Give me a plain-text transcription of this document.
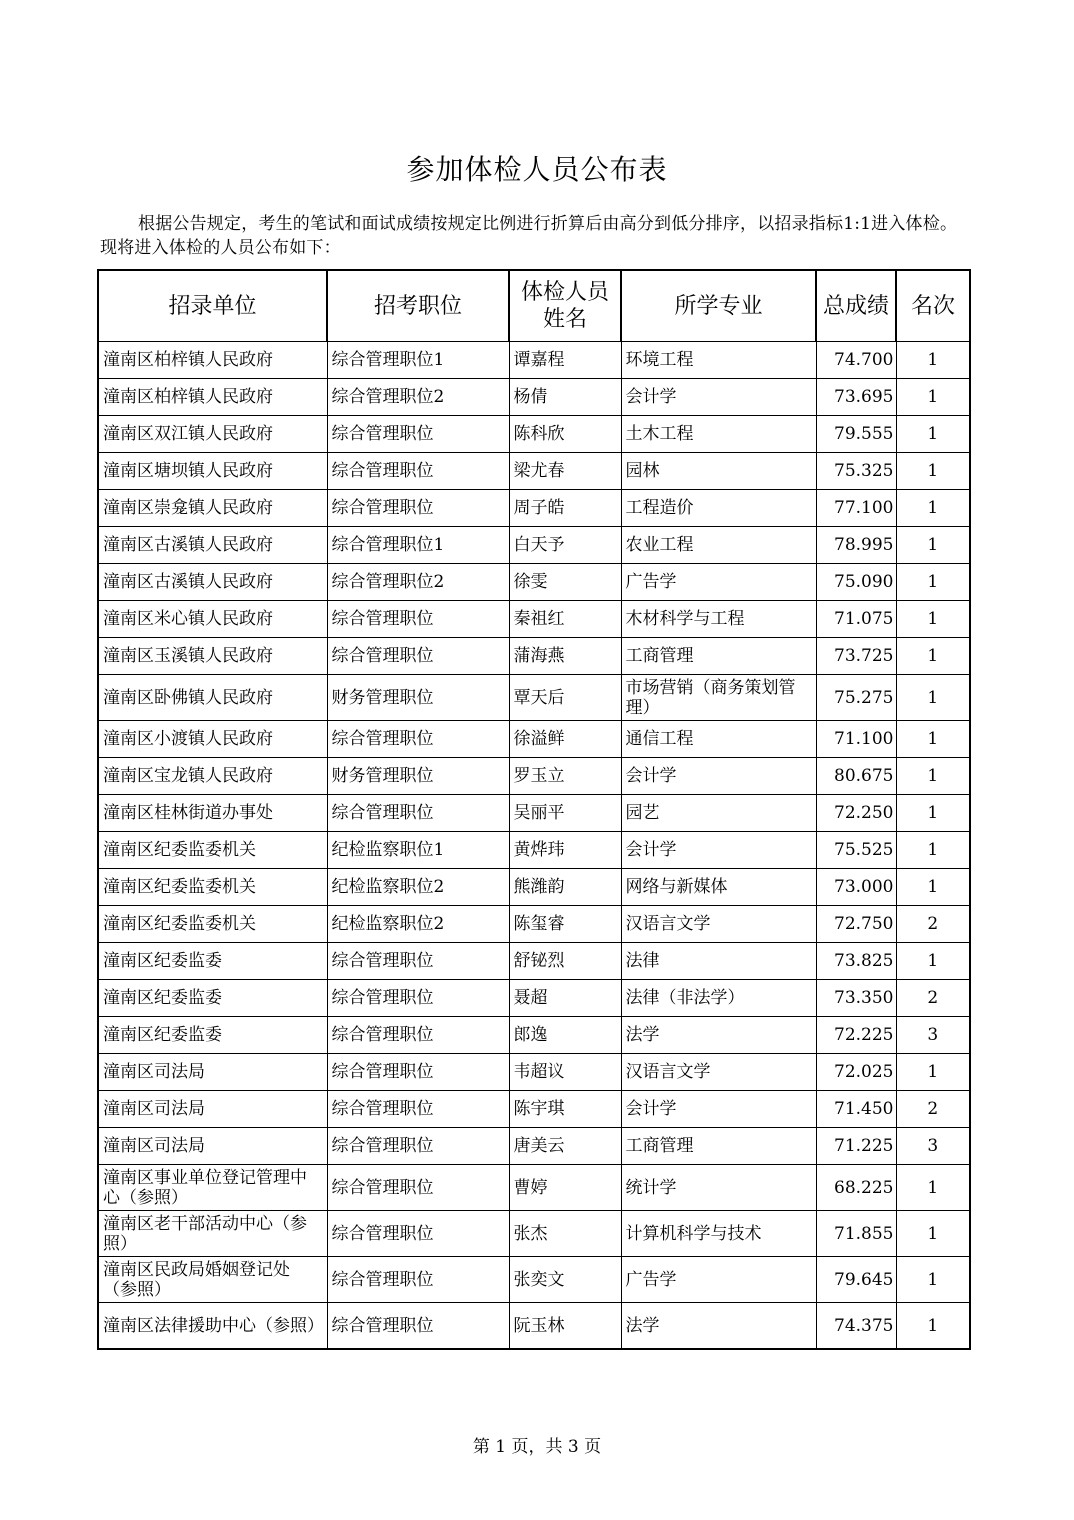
参加体检人员公布表
根据公告规定，考生的笔试和面试成绩按规定比例进行折算后由高分到低分排序，以招录指标1:1进入体检。现将进入体检的人员公布如下：
招录单位	招考职位	体检人员姓名	所学专业	总成绩	名次
潼南区柏梓镇人民政府	综合管理职位1	谭嘉程	环境工程	74.700	1
潼南区柏梓镇人民政府	综合管理职位2	杨倩	会计学	73.695	1
潼南区双江镇人民政府	综合管理职位	陈科欣	土木工程	79.555	1
潼南区塘坝镇人民政府	综合管理职位	梁尤春	园林	75.325	1
潼南区崇龛镇人民政府	综合管理职位	周子皓	工程造价	77.100	1
潼南区古溪镇人民政府	综合管理职位1	白天予	农业工程	78.995	1
潼南区古溪镇人民政府	综合管理职位2	徐雯	广告学	75.090	1
潼南区米心镇人民政府	综合管理职位	秦祖红	木材科学与工程	71.075	1
潼南区玉溪镇人民政府	综合管理职位	蒲海燕	工商管理	73.725	1
潼南区卧佛镇人民政府	财务管理职位	覃天后	市场营销（商务策划管理）	75.275	1
潼南区小渡镇人民政府	综合管理职位	徐溢鲜	通信工程	71.100	1
潼南区宝龙镇人民政府	财务管理职位	罗玉立	会计学	80.675	1
潼南区桂林街道办事处	综合管理职位	吴丽平	园艺	72.250	1
潼南区纪委监委机关	纪检监察职位1	黄烨玮	会计学	75.525	1
潼南区纪委监委机关	纪检监察职位2	熊潍韵	网络与新媒体	73.000	1
潼南区纪委监委机关	纪检监察职位2	陈玺睿	汉语言文学	72.750	2
潼南区纪委监委	综合管理职位	舒铋烈	法律	73.825	1
潼南区纪委监委	综合管理职位	聂超	法律（非法学）	73.350	2
潼南区纪委监委	综合管理职位	郎逸	法学	72.225	3
潼南区司法局	综合管理职位	韦超议	汉语言文学	72.025	1
潼南区司法局	综合管理职位	陈宇琪	会计学	71.450	2
潼南区司法局	综合管理职位	唐美云	工商管理	71.225	3
潼南区事业单位登记管理中心（参照）	综合管理职位	曹婷	统计学	68.225	1
潼南区老干部活动中心（参照）	综合管理职位	张杰	计算机科学与技术	71.855	1
潼南区民政局婚姻登记处（参照）	综合管理职位	张奕文	广告学	79.645	1
潼南区法律援助中心（参照）	综合管理职位	阮玉林	法学	74.375	1
第 1 页，共 3 页
